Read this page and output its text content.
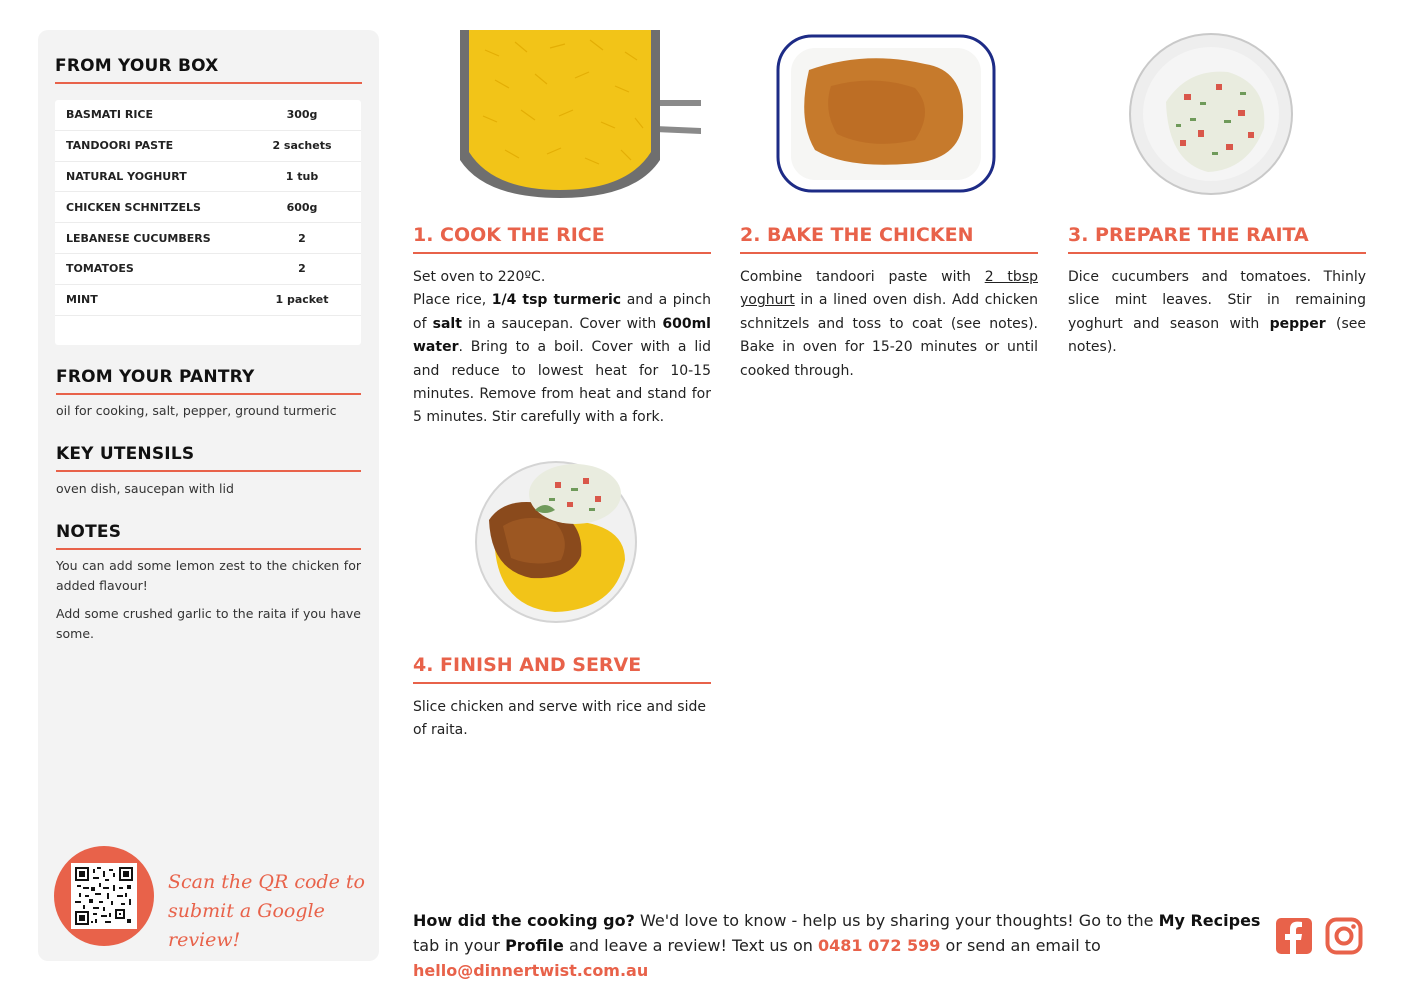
FROM YOUR BOX
BASMATI RICE	300g
TANDOORI PASTE	2 sachets
NATURAL YOGHURT	1 tub
CHICKEN SCHNITZELS	600g
LEBANESE CUCUMBERS	2
TOMATOES	2
MINT	1 packet
FROM YOUR PANTRY
oil for cooking, salt, pepper, ground turmeric
KEY UTENSILS
oven dish, saucepan with lid
NOTES
You can add some lemon zest to the chicken for added flavour!
Add some crushed garlic to the raita if you have some.
Scan the QR code to
submit a Google review!
1. COOK THE RICE
Set oven to 220ºC.
Place rice, 1/4 tsp turmeric and a pinch of salt in a saucepan. Cover with 600ml water. Bring to a boil. Cover with a lid and reduce to lowest heat for 10-15 minutes. Remove from heat and stand for 5 minutes. Stir carefully with a fork.
2. BAKE THE CHICKEN
Combine tandoori paste with 2 tbsp yoghurt in a lined oven dish. Add chicken schnitzels and toss to coat (see notes). Bake in oven for 15-20 minutes or until cooked through.
3. PREPARE THE RAITA
Dice cucumbers and tomatoes. Thinly slice mint leaves. Stir in remaining yoghurt and season with pepper (see notes).
4. FINISH AND SERVE
Slice chicken and serve with rice and side of raita.
How did the cooking go? We'd love to know - help us by sharing your thoughts! Go to the My Recipes tab in your Profile and leave a review! Text us on 0481 072 599 or send an email to hello@dinnertwist.com.au
